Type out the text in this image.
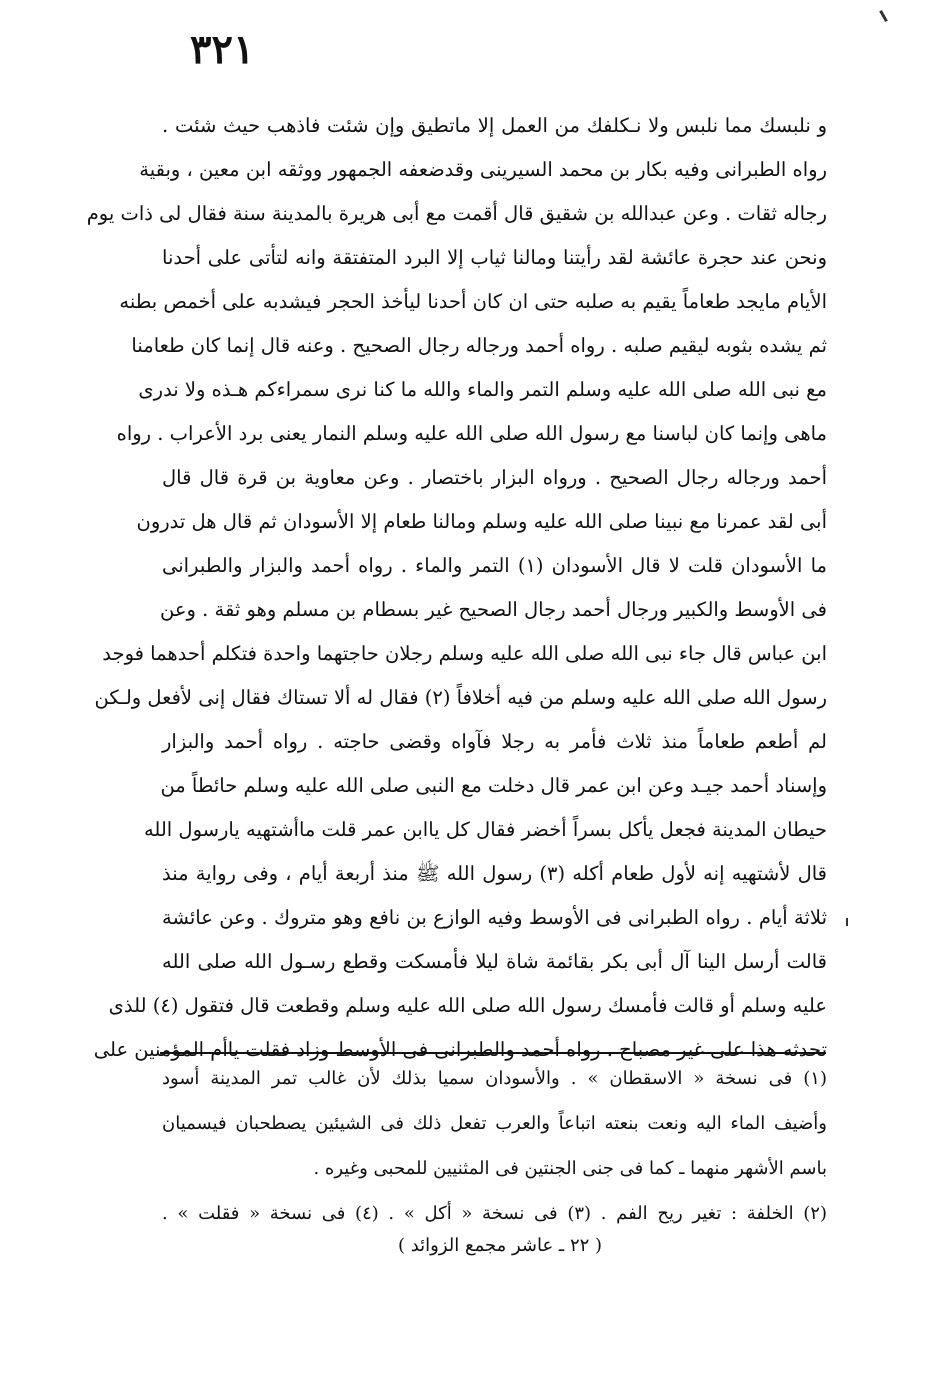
٣٢١
و نلبسك مما نلبس ولا نـكلفك من العمل إلا ماتطيق وإن شئت فاذهب حيث شئت .
رواه الطبرانى وفيه بكار بن محمد السيرينى وقدضعفه الجمهور ووثقه ابن معين ، وبقية
رجاله ثقات . وعن عبدالله بن شقيق قال أقمت مع أبى هريرة بالمدينة سنة فقال لى ذات يوم
ونحن عند حجرة عائشة لقد رأيتنا ومالنا ثياب إلا البرد المتفتقة وانه لتأتى على أحدنا
الأيام مايجد طعاماً يقيم به صلبه حتى ان كان أحدنا ليأخذ الحجر فيشدبه على أخمص بطنه
ثم يشده بثوبه ليقيم صلبه . رواه أحمد ورجاله رجال الصحيح . وعنه قال إنما كان طعامنا
مع نبى الله صلى الله عليه وسلم التمر والماء والله ما كنا نرى سمراءكم هـذه ولا ندرى
ماهى وإنما كان لباسنا مع رسول الله صلى الله عليه وسلم النمار يعنى برد الأعراب . رواه
أحمد ورجاله رجال الصحيح . ورواه البزار باختصار . وعن معاوية بن قرة قال قال
أبى لقد عمرنا مع نبينا صلى الله عليه وسلم ومالنا طعام إلا الأسودان ثم قال هل تدرون
ما الأسودان قلت لا قال الأسودان (١) التمر والماء . رواه أحمد والبزار والطبرانى
فى الأوسط والكبير ورجال أحمد رجال الصحيح غير بسطام بن مسلم وهو ثقة . وعن
ابن عباس قال جاء نبى الله صلى الله عليه وسلم رجلان حاجتهما واحدة فتكلم أحدهما فوجد
رسول الله صلى الله عليه وسلم من فيه أخلافاً (٢) فقال له ألا تستاك فقال إنى لأفعل ولـكن
لم أطعم طعاماً منذ ثلاث فأمر به رجلا فآواه وقضى حاجته . رواه أحمد والبزار
وإسناد أحمد جيـد وعن ابن عمر قال دخلت مع النبى صلى الله عليه وسلم حائطاً من
حيطان المدينة فجعل يأكل بسراً أخضر فقال كل ياابن عمر قلت ماأشتهيه يارسول الله
قال لأشتهيه إنه لأول طعام أكله (٣) رسول الله ﷺ منذ أربعة أيام ، وفى رواية منذ
ثلاثة أيام . رواه الطبرانى فى الأوسط وفيه الوازع بن نافع وهو متروك . وعن عائشة
قالت أرسل الينا آل أبى بكر بقائمة شاة ليلا فأمسكت وقطع رسـول الله صلى الله
عليه وسلم أو قالت فأمسك رسول الله صلى الله عليه وسلم وقطعت قال فتقول (٤) للذى
تحدثه هذا على غير مصباح . رواه أحمد والطبرانى فى الأوسط وزاد فقلت ياأم المؤمنين على
(١) فى نسخة « الاسقطان » . والأسودان سميا بذلك لأن غالب تمر المدينة أسود
وأضيف الماء اليه ونعت بنعته اتباعاً والعرب تفعل ذلك فى الشيئين يصطحبان فيسميان
باسم الأشهر منهما ـ كما فى جنى الجنتين فى المثنيين للمحبى وغيره .
(٢) الخلفة : تغير ريح الفم . (٣) فى نسخة « أكل » . (٤) فى نسخة « فقلت » .
( ٢٢ ـ عاشر مجمع الزوائد )
